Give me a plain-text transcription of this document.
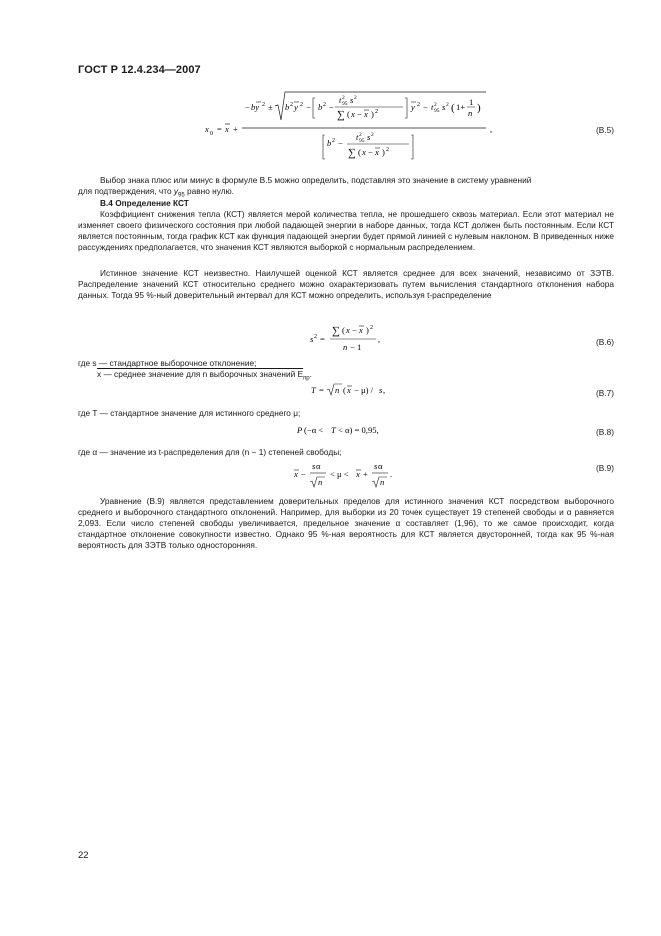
ГОСТ Р 12.4.234—2007
x 0 = x +
− by 2 ± b 2 y 2 − b 2 −
t 2
95 s 2
∑ ( x − x ) 2	y 2 − t 2
95 s 2 ( 1+ 1
n )
b 2 −
t 2
95 s 2
∑ ( x − x ) 2
,	(В.5)
Выбор знака плюс или минус в формуле В.5 можно определить, подставляя это значение в систему уравнений
для подтверждения, что $y_{95}$ равно нулю.
В.4 Определение КСТ
Коэффициент снижения тепла (КСТ) является мерой количества тепла, не прошедшего сквозь материал. Если этот материал не изменяет своего физического состояния при любой падающей энергии в наборе данных, тогда КСТ должен быть постоянным. Если КСТ является постоянным, тогда график КСТ как функция падающей энергии будет прямой линией с нулевым наклоном. В приведенных ниже рассуждениях предполагается, что значения КСТ являются выборкой с нормальным распределением.
Истинное значение КСТ неизвестно. Наилучшей оценкой КСТ является среднее для всех значений, независимо от ЗЭТВ. Распределение значений КСТ относительно среднего можно охарактеризовать путем вычисления стандартного отклонения набора данных. Тогда 95 %-ный доверительный интервал для КСТ можно определить, используя t-распределение
s 2 =
∑ ( x − x ) 2
n − 1
,	(В.6)
где s — стандартное выборочное отклонение;
x — среднее значение для n выборочных значений $E_{пр}$.
T = n ( x − μ) / s ,	(В.7)
где T — стандартное значение для истинного среднего μ;
P (−α < T < α) = 0,95,	(В.8)
где α — значение из t-распределения для (n − 1) степеней свободы;
x −
s α
n
< μ < x +
s α
n
.
(В.9)
Уравнение (В.9) является представлением доверительных пределов для истинного значения КСТ посредством выборочного среднего и выборочного стандартного отклонений. Например, для выборки из 20 точек существует 19 степеней свободы и α равняется 2,093. Если число степеней свободы увеличивается, предельное значение α составляет (1,96), то же самое происходит, когда стандартное отклонение совокупности известно. Однако 95 %-ная вероятность для КСТ является двусторонней, тогда как 95 %-ная вероятность для ЗЭТВ только односторонняя.
22
